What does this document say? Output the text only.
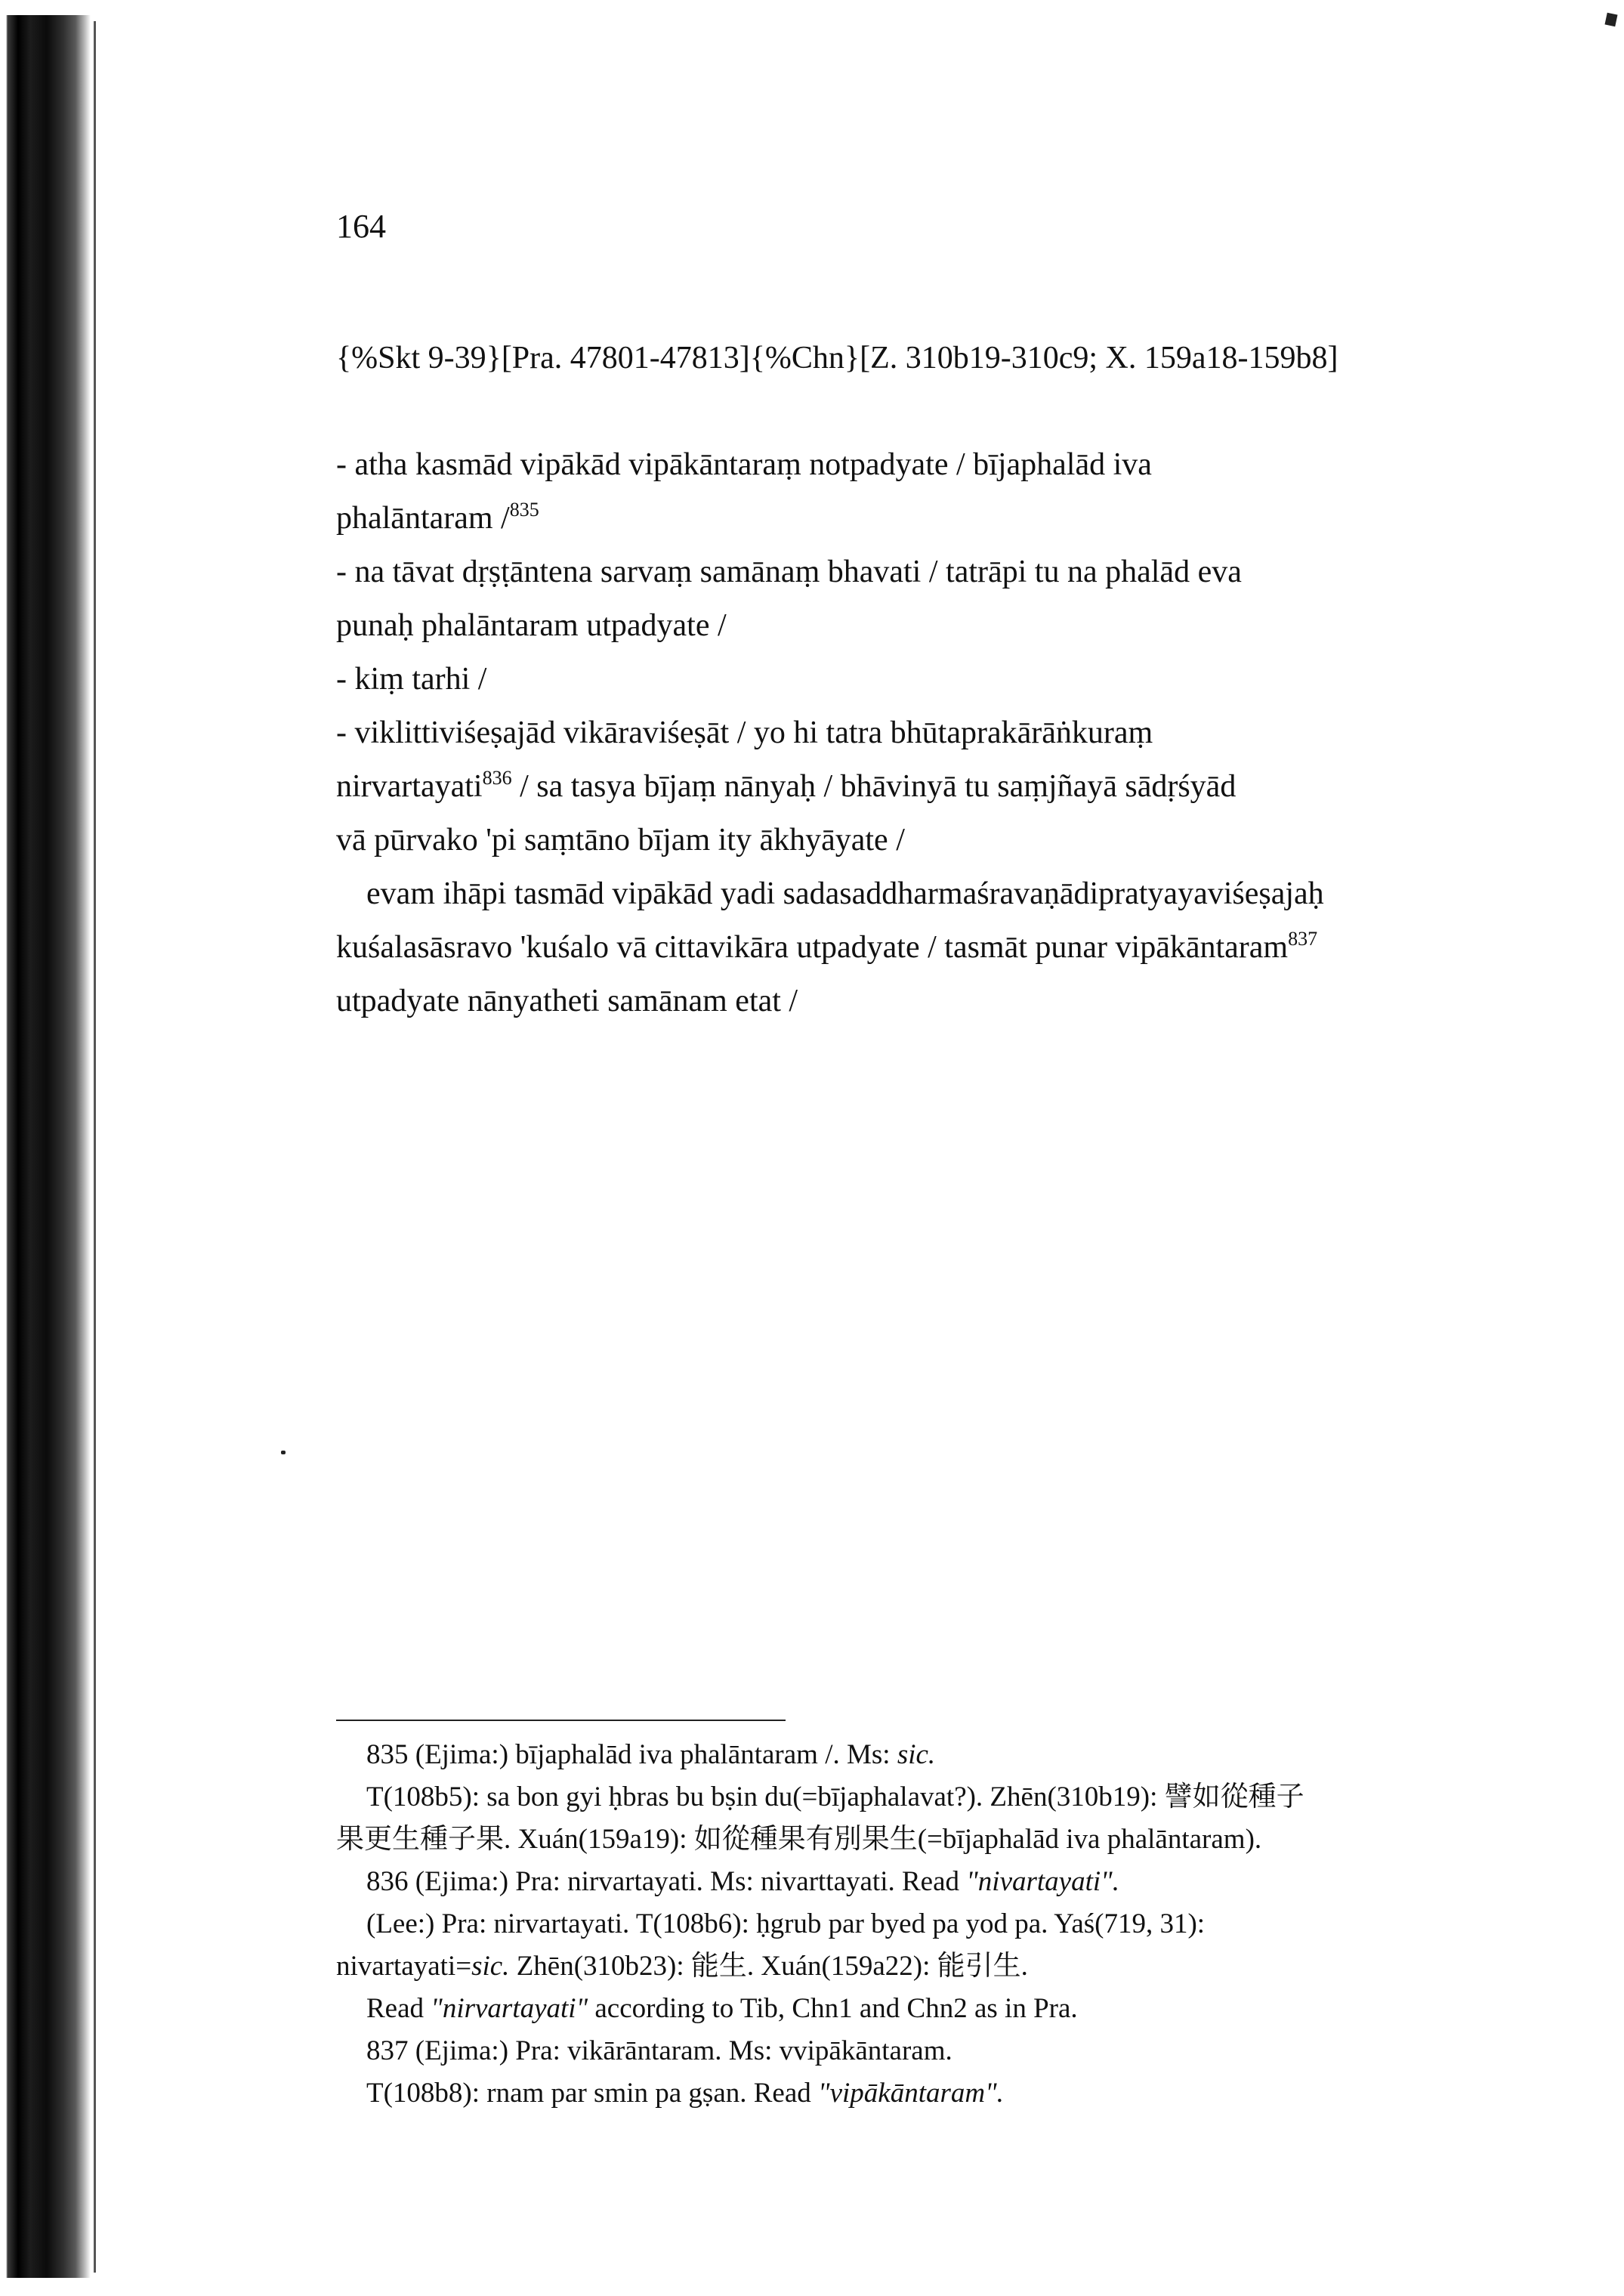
164
{%Skt 9-39}[Pra. 47801-47813]{%Chn}[Z. 310b19-310c9; X. 159a18-159b8]
- atha kasmād vipākād vipākāntaraṃ notpadyate / bījaphalād iva
phalāntaram /$^{835}$
- na tāvat dṛṣṭāntena sarvaṃ samānaṃ bhavati / tatrāpi tu na phalād eva
punaḥ phalāntaram utpadyate /
- kiṃ tarhi /
- viklittiviśeṣajād vikāraviśeṣāt / yo hi tatra bhūtaprakārāṅkuraṃ
nirvartayati$^{836}$ / sa tasya bījaṃ nānyaḥ / bhāvinyā tu saṃjñayā sādṛśyād
vā pūrvako 'pi saṃtāno bījam ity ākhyāyate /
evam ihāpi tasmād vipākād yadi sadasaddharmaśravaṇādipratyayaviśeṣajaḥ
kuśalasāsravo 'kuśalo vā cittavikāra utpadyate / tasmāt punar vipākāntaram$^{837}$
utpadyate nānyatheti samānam etat /
835 (Ejima:) bījaphalād iva phalāntaram /. Ms: sic.
T(108b5): sa bon gyi ḥbras bu bṣin du(=bījaphalavat?). Zhēn(310b19): 譬如從種子
果更生種子果. Xuán(159a19): 如從種果有別果生(=bījaphalād iva phalāntaram).
836 (Ejima:) Pra: nirvartayati. Ms: nivarttayati. Read "nivartayati".
(Lee:) Pra: nirvartayati. T(108b6): ḥgrub par byed pa yod pa. Yaś(719, 31):
nivartayati=sic. Zhēn(310b23): 能生. Xuán(159a22): 能引生.
Read "nirvartayati" according to Tib, Chn1 and Chn2 as in Pra.
837 (Ejima:) Pra: vikārāntaram. Ms: vvipākāntaram.
T(108b8): rnam par smin pa gṣan. Read "vipākāntaram".
